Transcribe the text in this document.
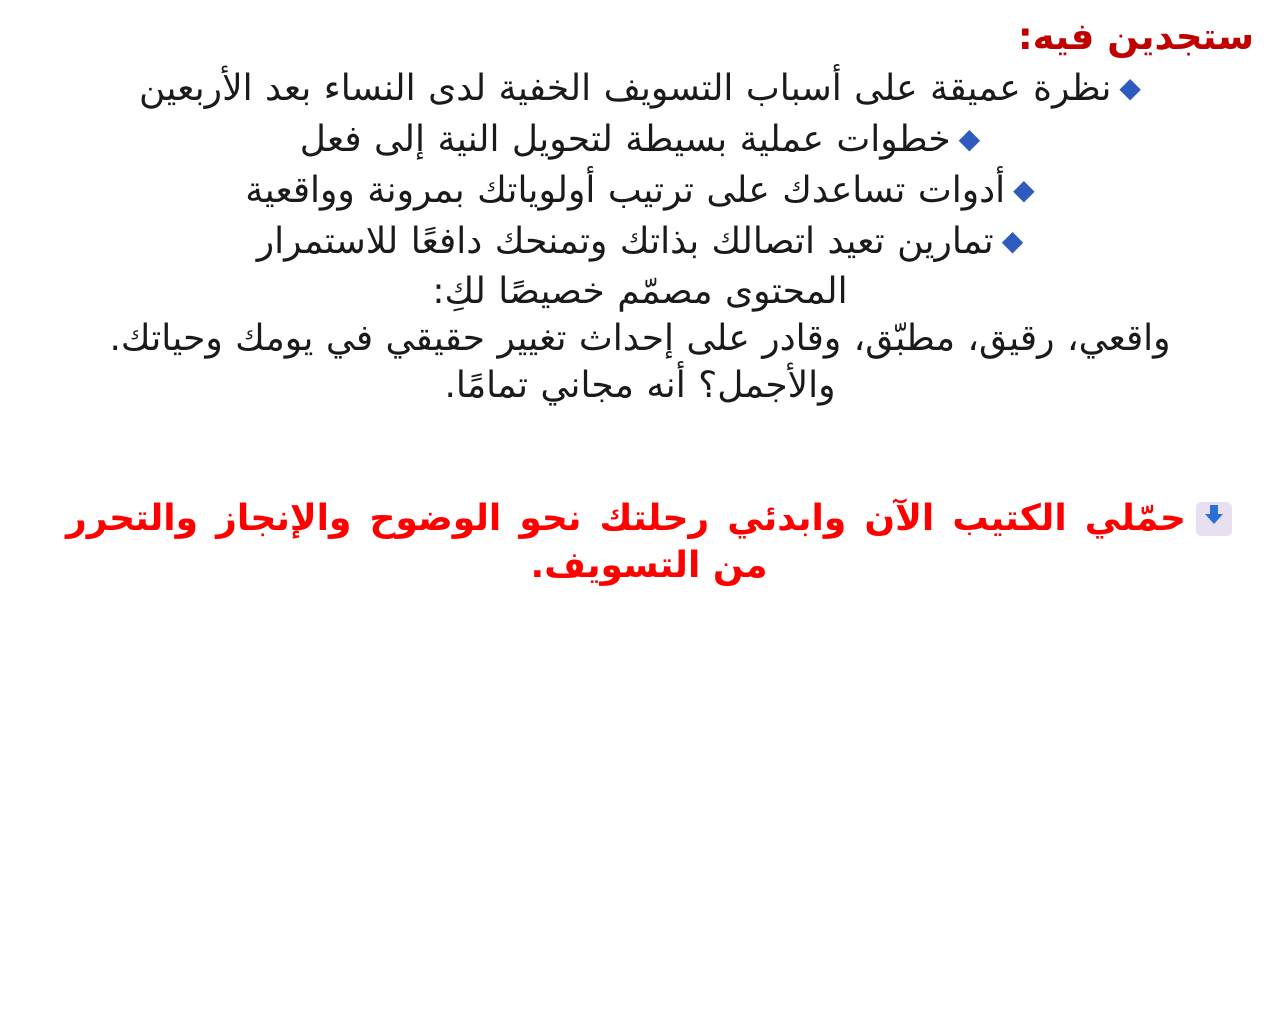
ستجدين فيه:
◆نظرة عميقة على أسباب التسويف الخفية لدى النساء بعد الأربعين
◆خطوات عملية بسيطة لتحويل النية إلى فعل
◆أدوات تساعدك على ترتيب أولوياتك بمرونة وواقعية
◆تمارين تعيد اتصالك بذاتك وتمنحك دافعًا للاستمرار

المحتوى مصمّم خصيصًا لكِ:

واقعي، رقيق، مطبّق، وقادر على إحداث تغيير حقيقي في يومك وحياتك.

والأجمل؟ أنه مجاني تمامًا.

حمّلي الكتيب الآن وابدئي رحلتك نحو الوضوح والإنجاز والتحرر من التسويف.
